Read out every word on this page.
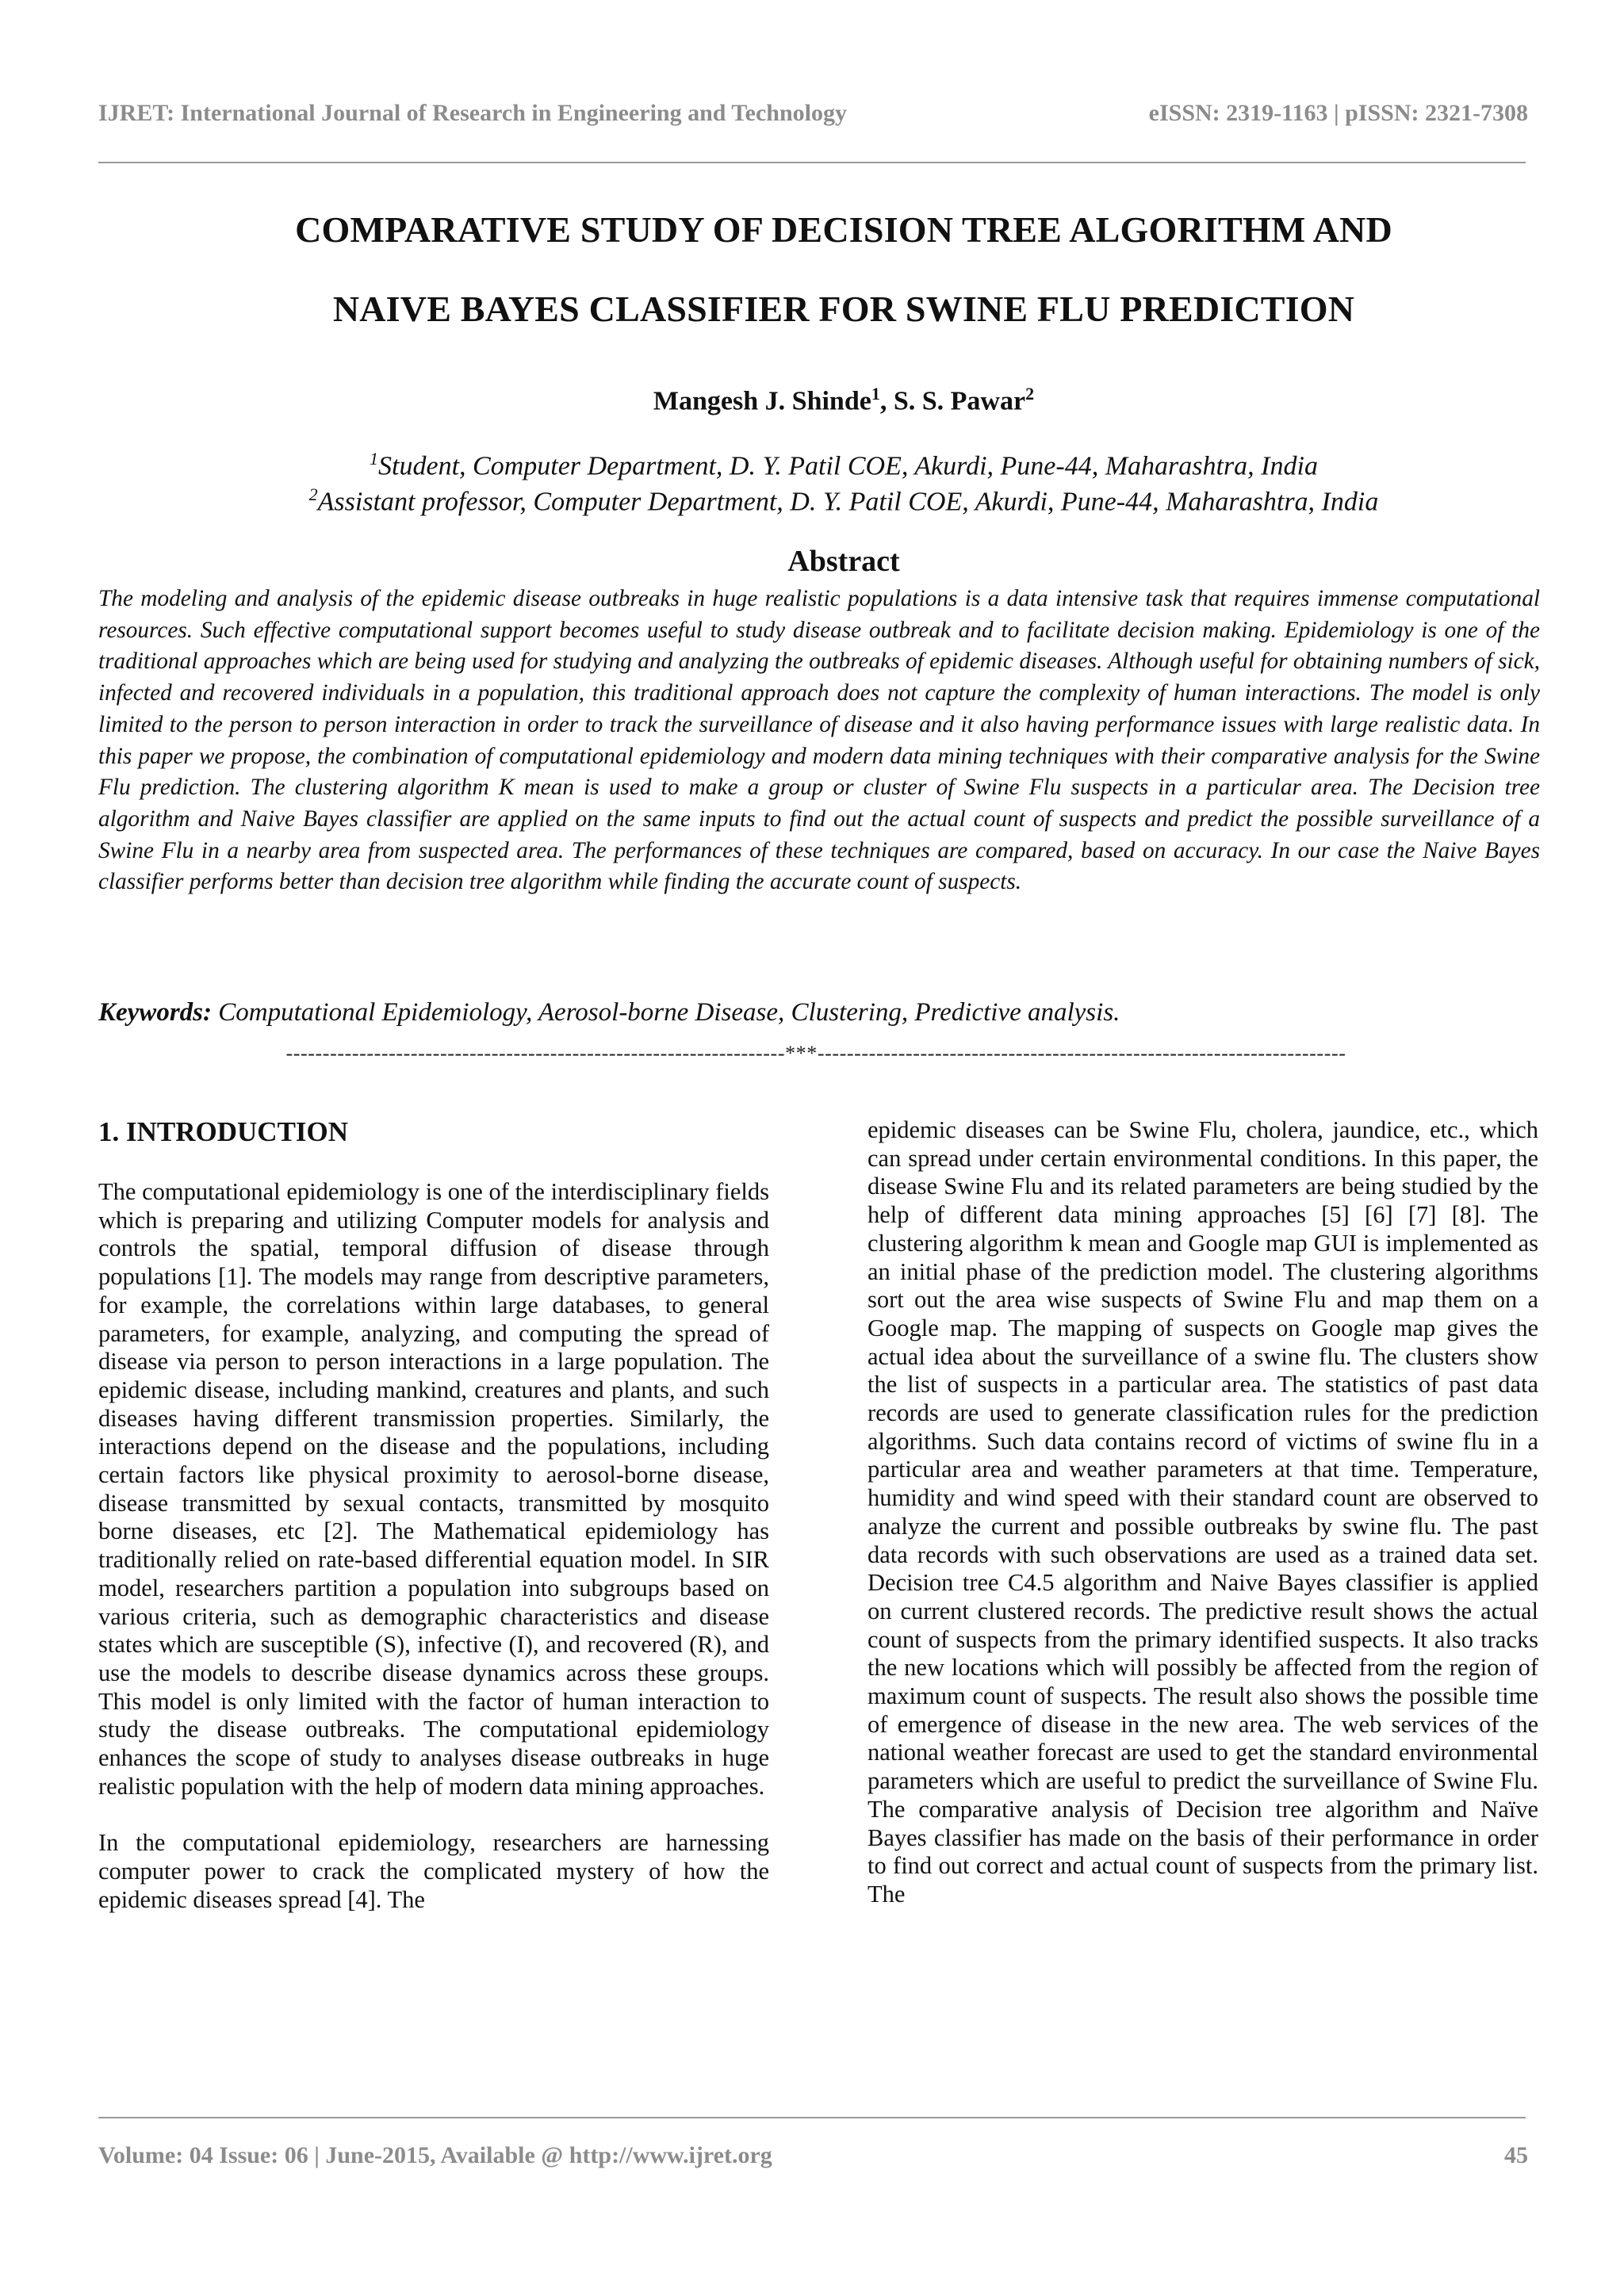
IJRET: International Journal of Research in Engineering and Technology	eISSN: 2319-1163 | pISSN: 2321-7308
COMPARATIVE STUDY OF DECISION TREE ALGORITHM AND
NAIVE BAYES CLASSIFIER FOR SWINE FLU PREDICTION
Mangesh J. Shinde$^1$, S. S. Pawar$^2$
$^1$Student, Computer Department, D. Y. Patil COE, Akurdi, Pune-44, Maharashtra, India
$^2$Assistant professor, Computer Department, D. Y. Patil COE, Akurdi, Pune-44, Maharashtra, India
Abstract
The modeling and analysis of the epidemic disease outbreaks in huge realistic populations is a data intensive task that requires immense computational resources. Such effective computational support becomes useful to study disease outbreak and to facilitate decision making. Epidemiology is one of the traditional approaches which are being used for studying and analyzing the outbreaks of epidemic diseases. Although useful for obtaining numbers of sick, infected and recovered individuals in a population, this traditional approach does not capture the complexity of human interactions. The model is only limited to the person to person interaction in order to track the surveillance of disease and it also having performance issues with large realistic data. In this paper we propose, the combination of computational epidemiology and modern data mining techniques with their comparative analysis for the Swine Flu prediction. The clustering algorithm K mean is used to make a group or cluster of Swine Flu suspects in a particular area. The Decision tree algorithm and Naive Bayes classifier are applied on the same inputs to find out the actual count of suspects and predict the possible surveillance of a Swine Flu in a nearby area from suspected area. The performances of these techniques are compared, based on accuracy. In our case the Naive Bayes classifier performs better than decision tree algorithm while finding the accurate count of suspects.
Keywords: Computational Epidemiology, Aerosol-borne Disease, Clustering, Predictive analysis.
--------------------------------------------------------------------***------------------------------------------------------------------------
1. INTRODUCTION

The computational epidemiology is one of the interdisciplinary fields which is preparing and utilizing Computer models for analysis and controls the spatial, temporal diffusion of disease through populations [1]. The models may range from descriptive parameters, for example, the correlations within large databases, to general parameters, for example, analyzing, and computing the spread of disease via person to person interactions in a large population. The epidemic disease, including mankind, creatures and plants, and such diseases having different transmission properties. Similarly, the interactions depend on the disease and the populations, including certain factors like physical proximity to aerosol-borne disease, disease transmitted by sexual contacts, transmitted by mosquito borne diseases, etc [2]. The Mathematical epidemiology has traditionally relied on rate-based differential equation model. In SIR model, researchers partition a population into subgroups based on various criteria, such as demographic characteristics and disease states which are susceptible (S), infective (I), and recovered (R), and use the models to describe disease dynamics across these groups. This model is only limited with the factor of human interaction to study the disease outbreaks. The computational epidemiology enhances the scope of study to analyses disease outbreaks in huge realistic population with the help of modern data mining approaches.

In the computational epidemiology, researchers are harnessing computer power to crack the complicated mystery of how the epidemic diseases spread [4]. The

epidemic diseases can be Swine Flu, cholera, jaundice, etc., which can spread under certain environmental conditions. In this paper, the disease Swine Flu and its related parameters are being studied by the help of different data mining approaches [5] [6] [7] [8]. The clustering algorithm k mean and Google map GUI is implemented as an initial phase of the prediction model. The clustering algorithms sort out the area wise suspects of Swine Flu and map them on a Google map. The mapping of suspects on Google map gives the actual idea about the surveillance of a swine flu. The clusters show the list of suspects in a particular area. The statistics of past data records are used to generate classification rules for the prediction algorithms. Such data contains record of victims of swine flu in a particular area and weather parameters at that time. Temperature, humidity and wind speed with their standard count are observed to analyze the current and possible outbreaks by swine flu. The past data records with such observations are used as a trained data set. Decision tree C4.5 algorithm and Naive Bayes classifier is applied on current clustered records. The predictive result shows the actual count of suspects from the primary identified suspects. It also tracks the new locations which will possibly be affected from the region of maximum count of suspects. The result also shows the possible time of emergence of disease in the new area. The web services of the national weather forecast are used to get the standard environmental parameters which are useful to predict the surveillance of Swine Flu. The comparative analysis of Decision tree algorithm and Naïve Bayes classifier has made on the basis of their performance in order to find out correct and actual count of suspects from the primary list. The

Volume: 04 Issue: 06 | June-2015, Available @ http://www.ijret.org	45
